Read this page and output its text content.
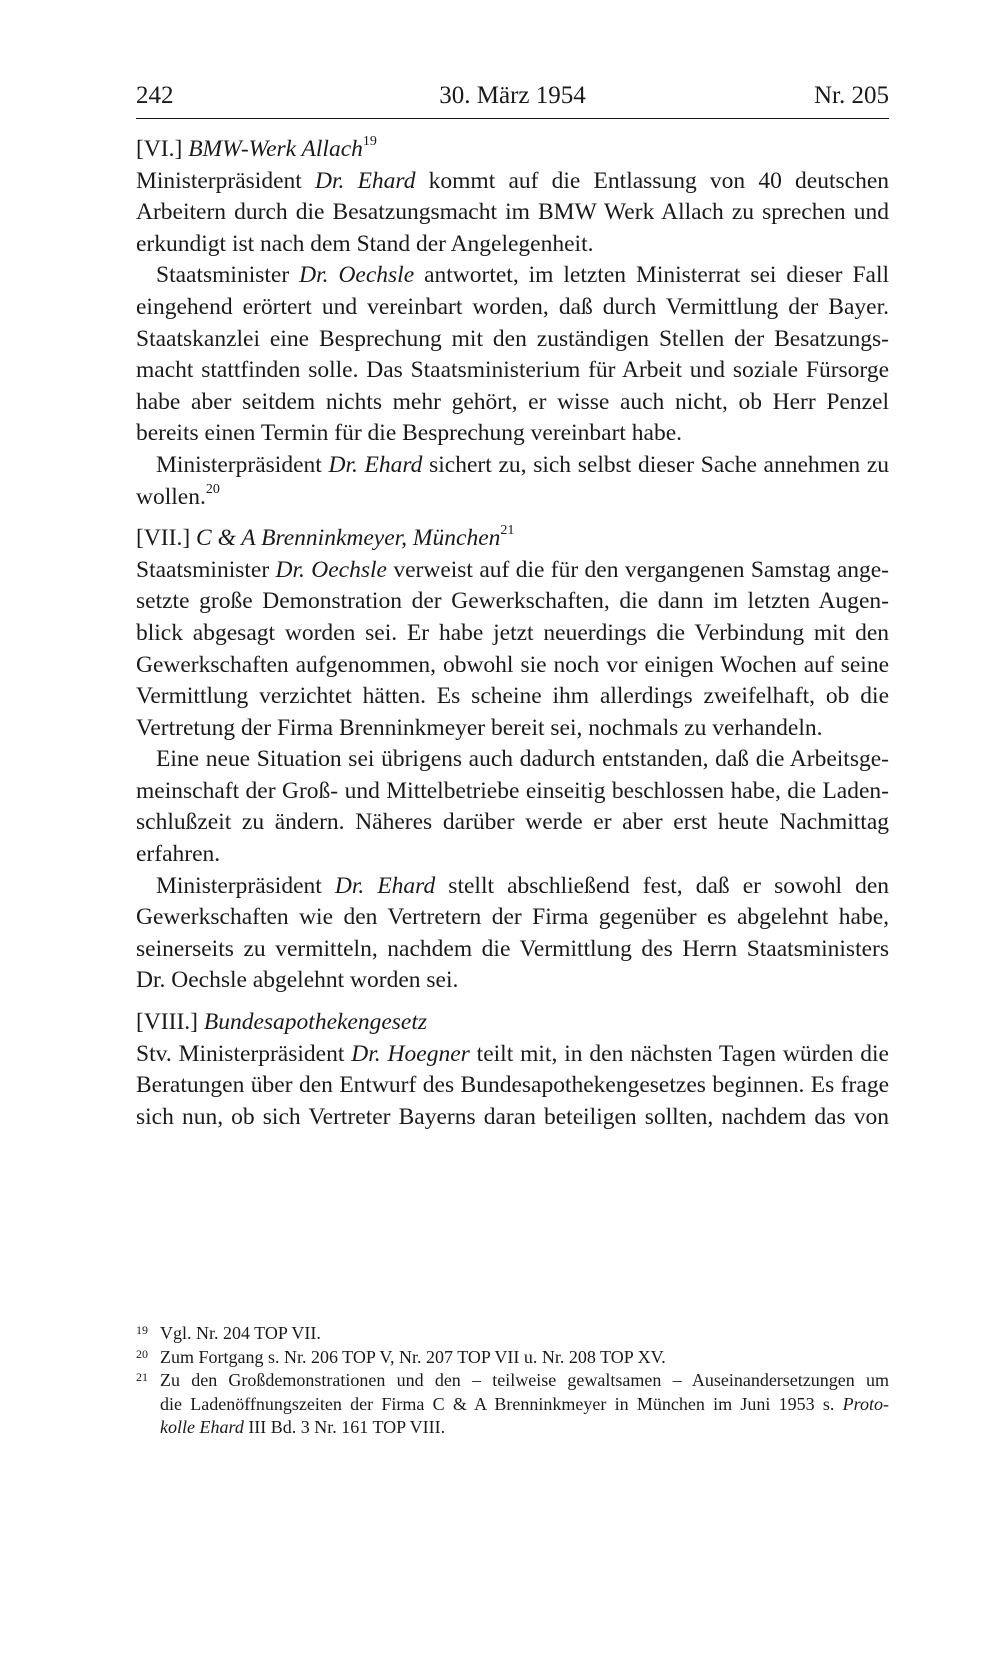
242	30. März 1954	Nr. 205
[VI.] BMW-Werk Allach$^{19}$
Ministerpräsident Dr. Ehard kommt auf die Entlassung von 40 deutschen
Arbeitern durch die Besatzungsmacht im BMW Werk Allach zu sprechen und
erkundigt ist nach dem Stand der Angelegenheit.
Staatsminister Dr. Oechsle antwortet, im letzten Ministerrat sei dieser Fall
eingehend erörtert und vereinbart worden, daß durch Vermittlung der Bayer.
Staatskanzlei eine Besprechung mit den zuständigen Stellen der Besatzungs-
macht stattfinden solle. Das Staatsministerium für Arbeit und soziale Fürsorge
habe aber seitdem nichts mehr gehört, er wisse auch nicht, ob Herr Penzel
bereits einen Termin für die Besprechung vereinbart habe.
Ministerpräsident Dr. Ehard sichert zu, sich selbst dieser Sache annehmen zu
wollen.$^{20}$
[VII.] C & A Brenninkmeyer, München$^{21}$
Staatsminister Dr. Oechsle verweist auf die für den vergangenen Samstag ange-
setzte große Demonstration der Gewerkschaften, die dann im letzten Augen-
blick abgesagt worden sei. Er habe jetzt neuerdings die Verbindung mit den
Gewerkschaften aufgenommen, obwohl sie noch vor einigen Wochen auf seine
Vermittlung verzichtet hätten. Es scheine ihm allerdings zweifelhaft, ob die
Vertretung der Firma Brenninkmeyer bereit sei, nochmals zu verhandeln.
Eine neue Situation sei übrigens auch dadurch entstanden, daß die Arbeitsge-
meinschaft der Groß- und Mittelbetriebe einseitig beschlossen habe, die Laden-
schlußzeit zu ändern. Näheres darüber werde er aber erst heute Nachmittag
erfahren.
Ministerpräsident Dr. Ehard stellt abschließend fest, daß er sowohl den
Gewerkschaften wie den Vertretern der Firma gegenüber es abgelehnt habe,
seinerseits zu vermitteln, nachdem die Vermittlung des Herrn Staatsministers
Dr. Oechsle abgelehnt worden sei.
[VIII.] Bundesapothekengesetz
Stv. Ministerpräsident Dr. Hoegner teilt mit, in den nächsten Tagen würden die
Beratungen über den Entwurf des Bundesapothekengesetzes beginnen. Es frage
sich nun, ob sich Vertreter Bayerns daran beteiligen sollten, nachdem das von
19 Vgl. Nr. 204 TOP VII.
20 Zum Fortgang s. Nr. 206 TOP V, Nr. 207 TOP VII u. Nr. 208 TOP XV.
21 Zu den Großdemonstrationen und den – teilweise gewaltsamen – Auseinandersetzungen um
die Ladenöffnungszeiten der Firma C & A Brenninkmeyer in München im Juni 1953 s. Proto-
kolle Ehard III Bd. 3 Nr. 161 TOP VIII.
